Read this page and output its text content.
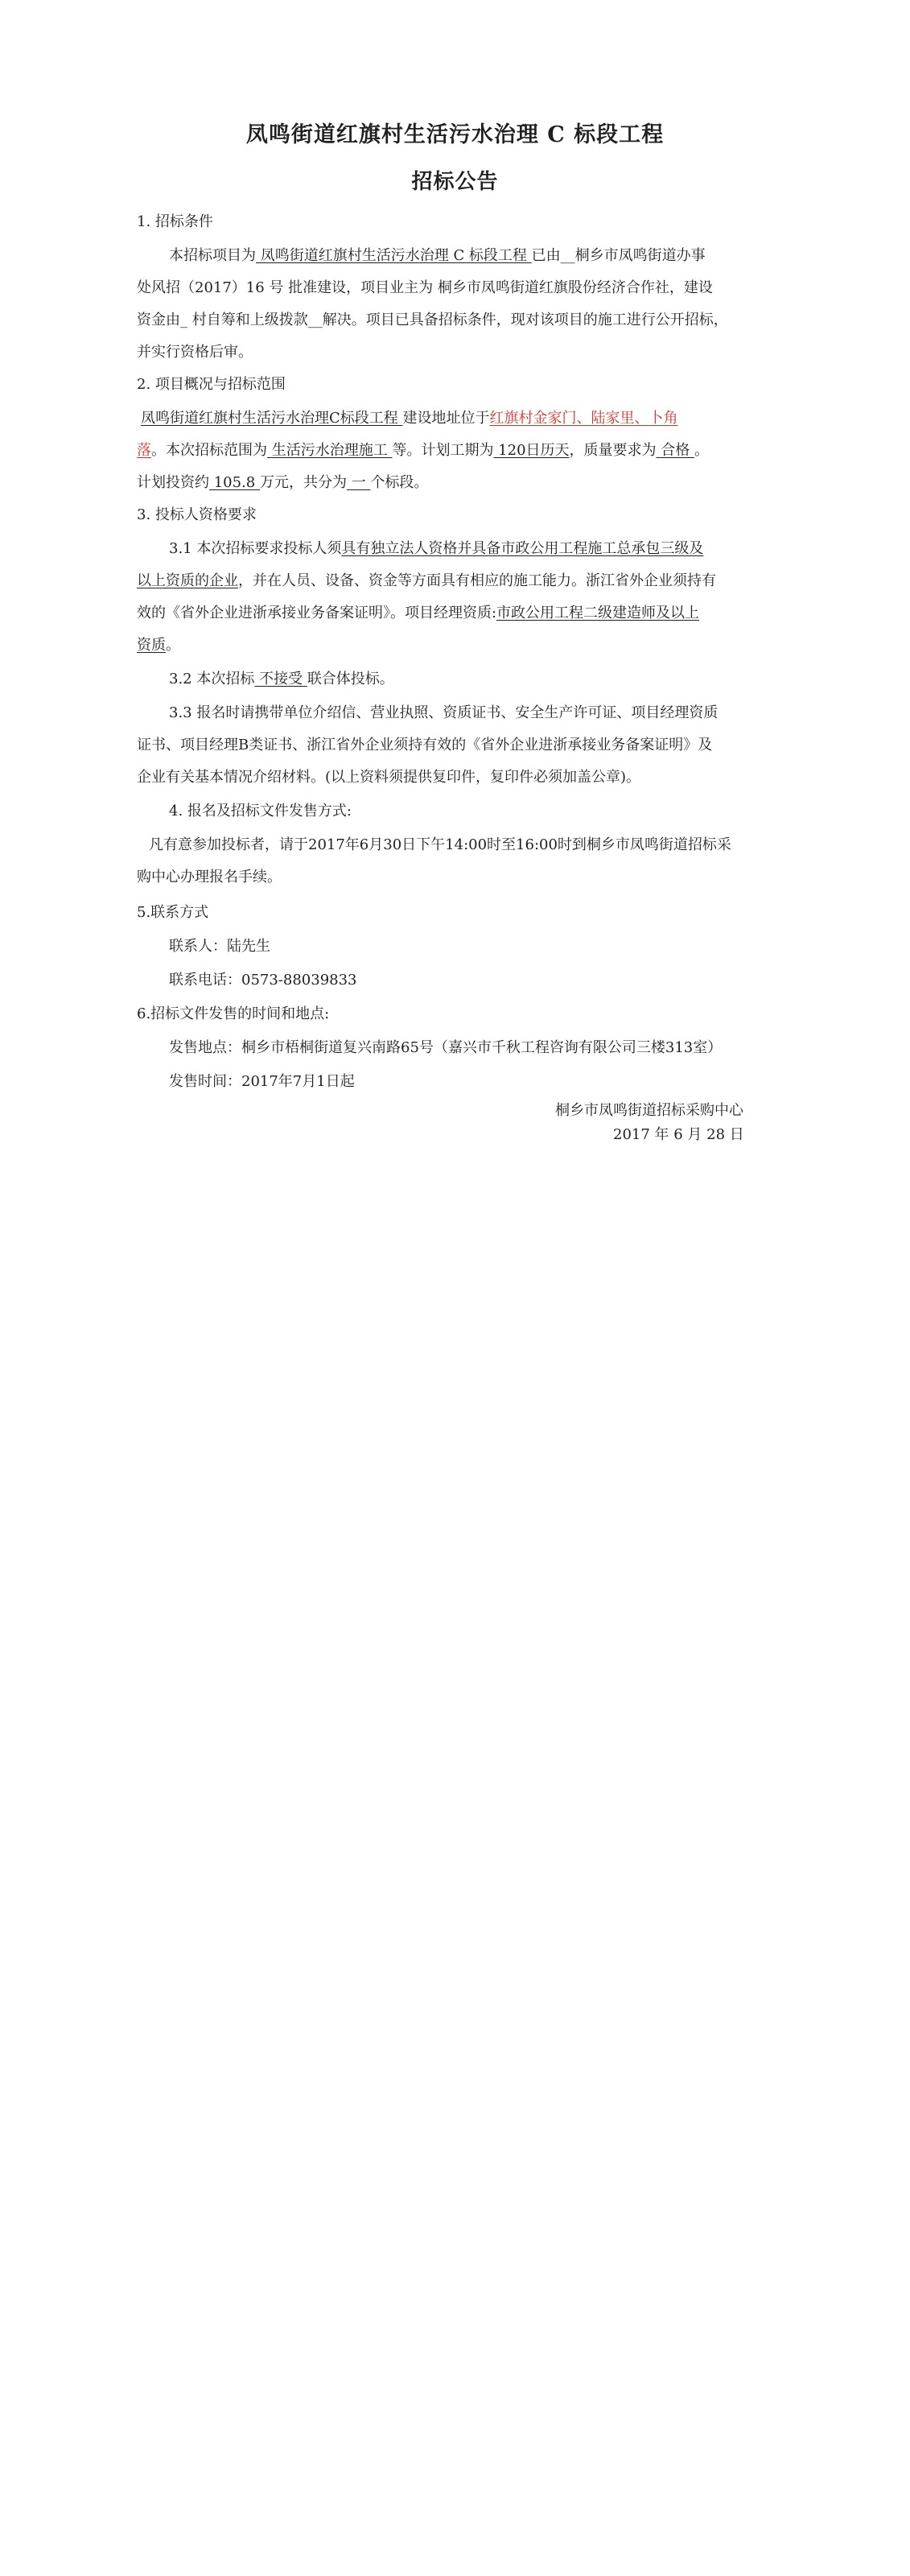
凤鸣街道红旗村生活污水治理 C 标段工程
招标公告
1. 招标条件
本招标项目为 凤鸣街道红旗村生活污水治理 C 标段工程 已由__桐乡市凤鸣街道办事
处风招（2017）16 号 批准建设，项目业主为 桐乡市凤鸣街道红旗股份经济合作社，建设
资金由_ 村自筹和上级拨款__解决。项目已具备招标条件，现对该项目的施工进行公开招标，
并实行资格后审。
2. 项目概况与招标范围
凤鸣街道红旗村生活污水治理C标段工程 建设地址位于红旗村金家门、陆家里、卜角
落。本次招标范围为 生活污水治理施工 等。计划工期为 120日历天，质量要求为 合格 。
计划投资约 105.8 万元，共分为 一 个标段。
3. 投标人资格要求
3.1 本次招标要求投标人须具有独立法人资格并具备市政公用工程施工总承包三级及
以上资质的企业，并在人员、设备、资金等方面具有相应的施工能力。浙江省外企业须持有
效的《省外企业进浙承接业务备案证明》。项目经理资质:市政公用工程二级建造师及以上
资质。
3.2 本次招标 不接受 联合体投标。
3.3 报名时请携带单位介绍信、营业执照、资质证书、安全生产许可证、项目经理资质
证书、项目经理B类证书、浙江省外企业须持有效的《省外企业进浙承接业务备案证明》及
企业有关基本情况介绍材料。(以上资料须提供复印件，复印件必须加盖公章)。
4. 报名及招标文件发售方式:
凡有意参加投标者，请于2017年6月30日下午14:00时至16:00时到桐乡市凤鸣街道招标采
购中心办理报名手续。
5.联系方式
联系人：陆先生
联系电话：0573-88039833
6.招标文件发售的时间和地点:
发售地点：桐乡市梧桐街道复兴南路65号（嘉兴市千秋工程咨询有限公司三楼313室）
发售时间：2017年7月1日起
桐乡市凤鸣街道招标采购中心
2017 年 6 月 28 日
